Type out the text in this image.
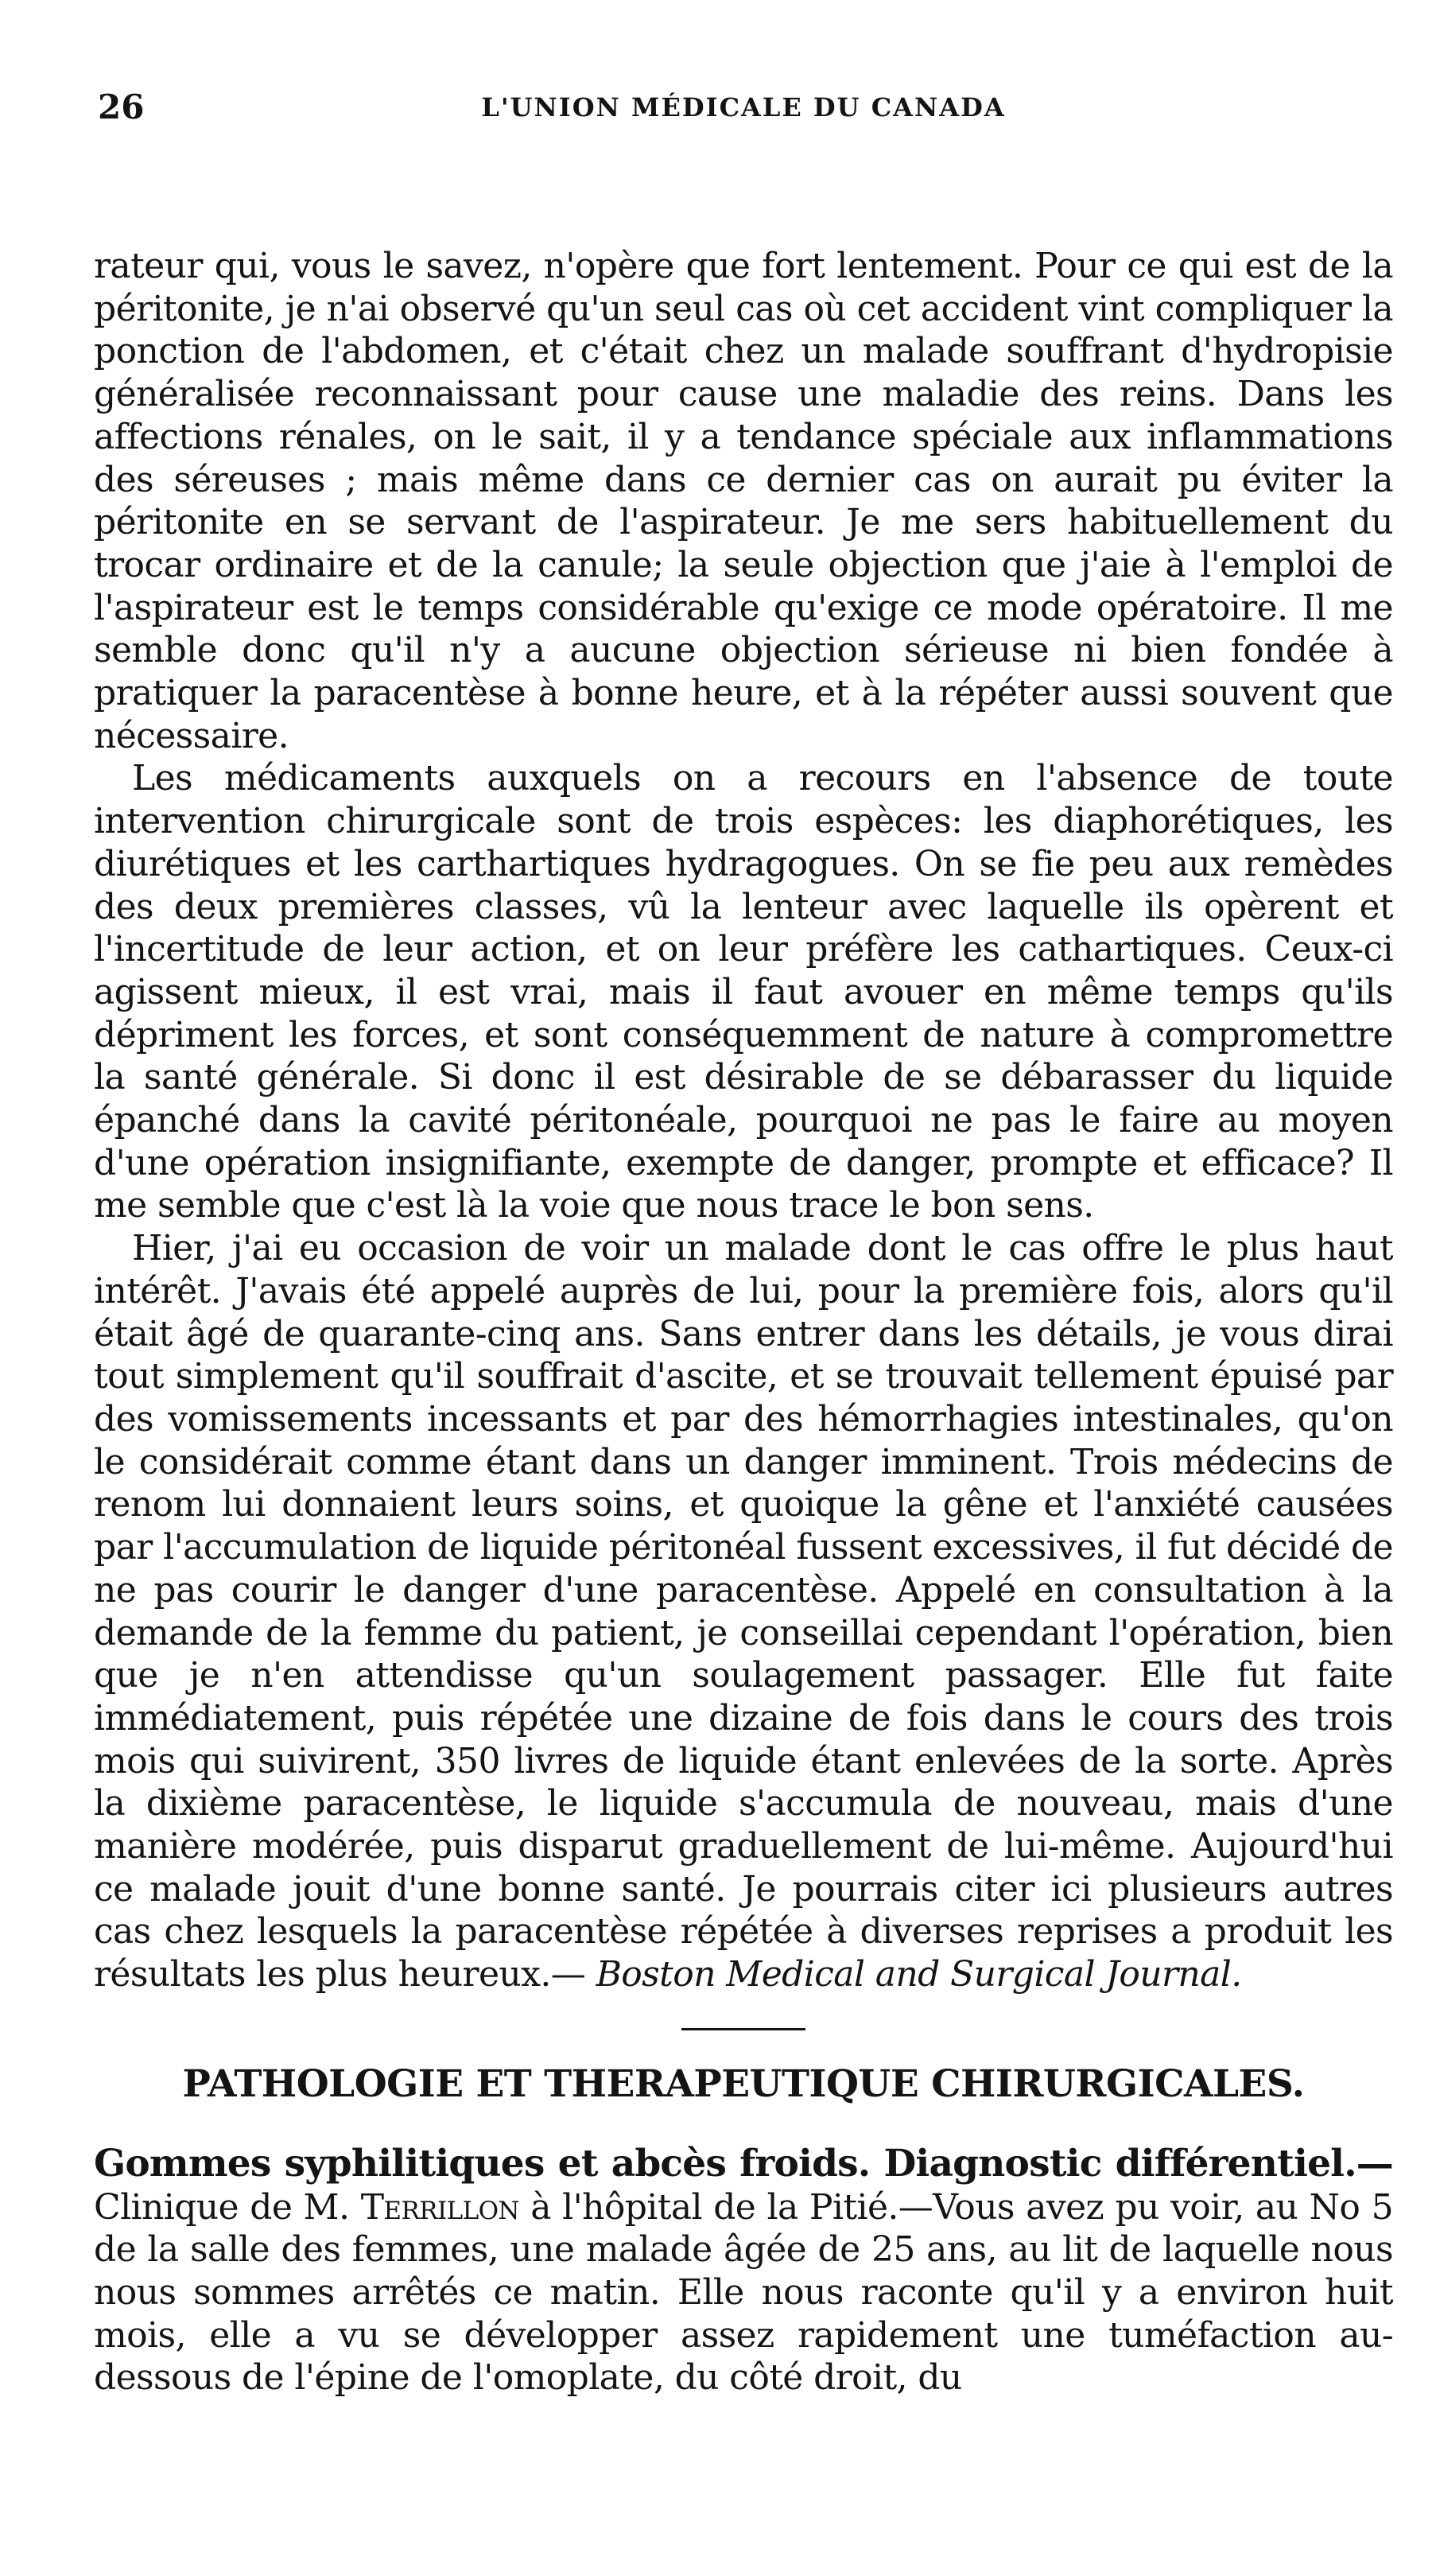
26	L'UNION MÉDICALE DU CANADA

rateur qui, vous le savez, n'opère que fort lentement. Pour ce qui est de la péritonite, je n'ai observé qu'un seul cas où cet accident vint compliquer la ponction de l'abdomen, et c'était chez un malade souffrant d'hydropisie généralisée reconnaissant pour cause une maladie des reins. Dans les affections rénales, on le sait, il y a tendance spéciale aux inflammations des séreuses ; mais même dans ce dernier cas on aurait pu éviter la péritonite en se servant de l'aspirateur. Je me sers habituellement du trocar ordinaire et de la canule; la seule objection que j'aie à l'emploi de l'aspirateur est le temps considérable qu'exige ce mode opératoire. Il me semble donc qu'il n'y a aucune objection sérieuse ni bien fondée à pratiquer la paracentèse à bonne heure, et à la répéter aussi souvent que nécessaire.

Les médicaments auxquels on a recours en l'absence de toute intervention chirurgicale sont de trois espèces: les diaphorétiques, les diurétiques et les carthartiques hydragogues. On se fie peu aux remèdes des deux premières classes, vû la lenteur avec laquelle ils opèrent et l'incertitude de leur action, et on leur préfère les cathartiques. Ceux-ci agissent mieux, il est vrai, mais il faut avouer en même temps qu'ils dépriment les forces, et sont conséquemment de nature à compromettre la santé générale. Si donc il est désirable de se débarasser du liquide épanché dans la cavité péritonéale, pourquoi ne pas le faire au moyen d'une opération insignifiante, exempte de danger, prompte et efficace? Il me semble que c'est là la voie que nous trace le bon sens.

Hier, j'ai eu occasion de voir un malade dont le cas offre le plus haut intérêt. J'avais été appelé auprès de lui, pour la première fois, alors qu'il était âgé de quarante-cinq ans. Sans entrer dans les détails, je vous dirai tout simplement qu'il souffrait d'ascite, et se trouvait tellement épuisé par des vomissements incessants et par des hémorrhagies intestinales, qu'on le considérait comme étant dans un danger imminent. Trois médecins de renom lui donnaient leurs soins, et quoique la gêne et l'anxiété causées par l'accumulation de liquide péritonéal fussent excessives, il fut décidé de ne pas courir le danger d'une paracentèse. Appelé en consultation à la demande de la femme du patient, je conseillai cependant l'opération, bien que je n'en attendisse qu'un soulagement passager. Elle fut faite immédiatement, puis répétée une dizaine de fois dans le cours des trois mois qui suivirent, 350 livres de liquide étant enlevées de la sorte. Après la dixième paracentèse, le liquide s'accumula de nouveau, mais d'une manière modérée, puis disparut graduellement de lui-même. Aujourd'hui ce malade jouit d'une bonne santé. Je pourrais citer ici plusieurs autres cas chez lesquels la paracentèse répétée à diverses reprises a produit les résultats les plus heureux.— Boston Medical and Surgical Journal.

PATHOLOGIE ET THERAPEUTIQUE CHIRURGICALES.

Gommes syphilitiques et abcès froids. Diagnostic différentiel.— Clinique de M. Terrillon à l'hôpital de la Pitié.—Vous avez pu voir, au No 5 de la salle des femmes, une malade âgée de 25 ans, au lit de laquelle nous nous sommes arrêtés ce matin. Elle nous raconte qu'il y a environ huit mois, elle a vu se développer assez rapidement une tuméfaction au-dessous de l'épine de l'omoplate, du côté droit, du
